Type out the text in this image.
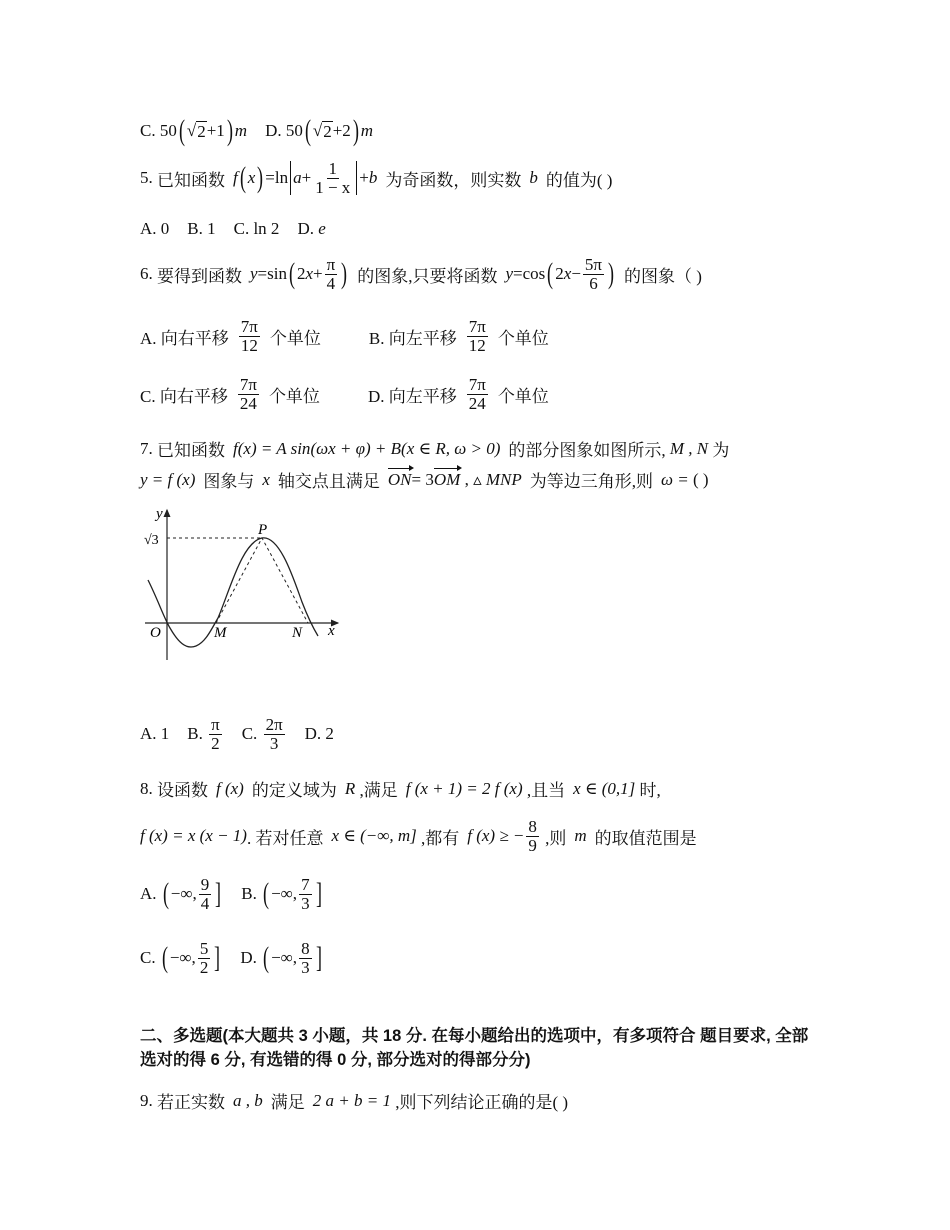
C.
50 ( √ 2 + 1 ) m D.
50 ( √ 2 + 2 ) m
5.
已知函数 f ( x ) = $\ln a + \frac{1}{1 - x} + b$ 为奇函数，则实数 b 的值为( )
A. 0 B. 1 C. ln 2 D.
e
6.
要得到函数 y = sin ( 2 $x + \frac{\pi}{4}$ ) 的图象,只要将函数 y = cos ( 2 $x - \frac{5\pi}{6}$ ) 的图象（ )
A. 向右平移 $\frac{7\pi}{12}$ 个单位	B. 向左平移 $\frac{7\pi}{12}$ 个单位
C. 向右平移 $\frac{7\pi}{24}$ 个单位	D. 向左平移 $\frac{7\pi}{24}$ 个单位
7.
已知函数 f (x) = A sin (ωx + φ) + B (x ∈ R, ω > 0) 的部分图象如图所示,
M , N
为
y = f (x) 图象与 x 轴交点且满足 ON = 3 OM , ▵ MNP 为等边三角形,则 ω =
( )
y
x
√3
P
O	M	N
A. 1 B.
$\frac{\pi}{2} C$.
$\frac{2\pi}{3} D$. 2
8.
设函数 f (x) 的定义域为 R
,满足 f (x + 1) = 2 f (x)
,且当 x ∈ (0,1]
时,
f (x) = x (x − 1) . 若对任意 x ∈ (−∞, m]
,都有 f (x) ≥ − $\frac{8}{9}$
,则 m 的取值范围是
A.
( −∞, $\frac{9}{4}$ ] B.
( −∞, $\frac{7}{3}$ ]
C.
( −∞, $\frac{5}{2}$ ] D.
( −∞, $\frac{8}{3}$ ]
二、多选题(本大题共 3 小题，共 18 分. 在每小题给出的选项中，有多项符合 题目要求, 全部选对的得 6 分, 有选错的得 0 分, 部分选对的得部分分)
9.
若正实数 a , b 满足 2 a + b = 1
,则下列结论正确的是( )
